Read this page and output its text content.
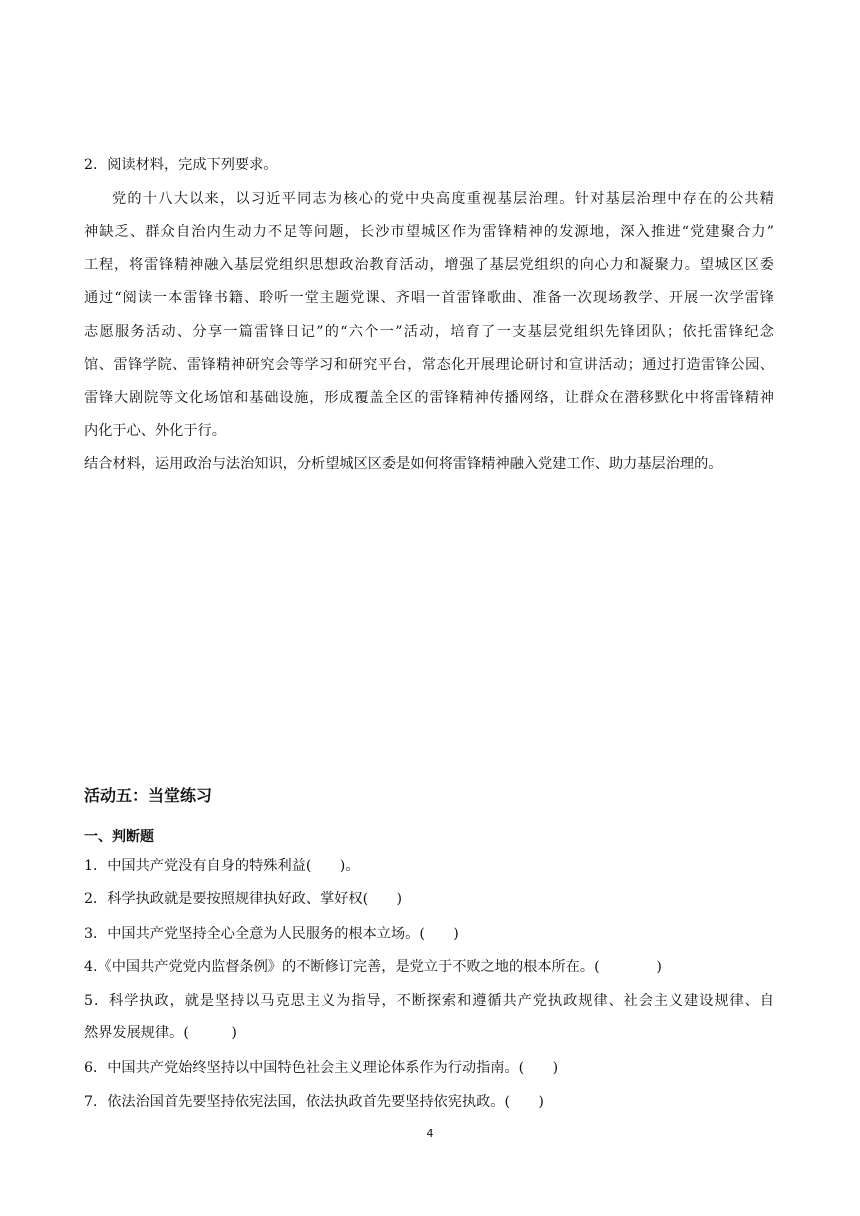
2．阅读材料，完成下列要求。
党的十八大以来，以习近平同志为核心的党中央高度重视基层治理。针对基层治理中存在的公共精
神缺乏、群众自治内生动力不足等问题，长沙市望城区作为雷锋精神的发源地，深入推进“党建聚合力”
工程，将雷锋精神融入基层党组织思想政治教育活动，增强了基层党组织的向心力和凝聚力。望城区区委
通过“阅读一本雷锋书籍、聆听一堂主题党课、齐唱一首雷锋歌曲、准备一次现场教学、开展一次学雷锋
志愿服务活动、分享一篇雷锋日记”的“六个一”活动，培育了一支基层党组织先锋团队；依托雷锋纪念
馆、雷锋学院、雷锋精神研究会等学习和研究平台，常态化开展理论研讨和宣讲活动；通过打造雷锋公园、
雷锋大剧院等文化场馆和基础设施，形成覆盖全区的雷锋精神传播网络，让群众在潜移默化中将雷锋精神
内化于心、外化于行。
结合材料，运用政治与法治知识，分析望城区区委是如何将雷锋精神融入党建工作、助力基层治理的。
活动五：当堂练习
一、判断题
1．中国共产党没有自身的特殊利益(　　)。
2．科学执政就是要按照规律执好政、掌好权(　　)
3．中国共产党坚持全心全意为人民服务的根本立场。(　　)
4.《中国共产党党内监督条例》的不断修订完善，是党立于不败之地的根本所在。(　　　　)
5．科学执政，就是坚持以马克思主义为指导，不断探索和遵循共产党执政规律、社会主义建设规律、自
然界发展规律。(　　　)
6．中国共产党始终坚持以中国特色社会主义理论体系作为行动指南。(　　)
7．依法治国首先要坚持依宪法国，依法执政首先要坚持依宪执政。(　　)
4
